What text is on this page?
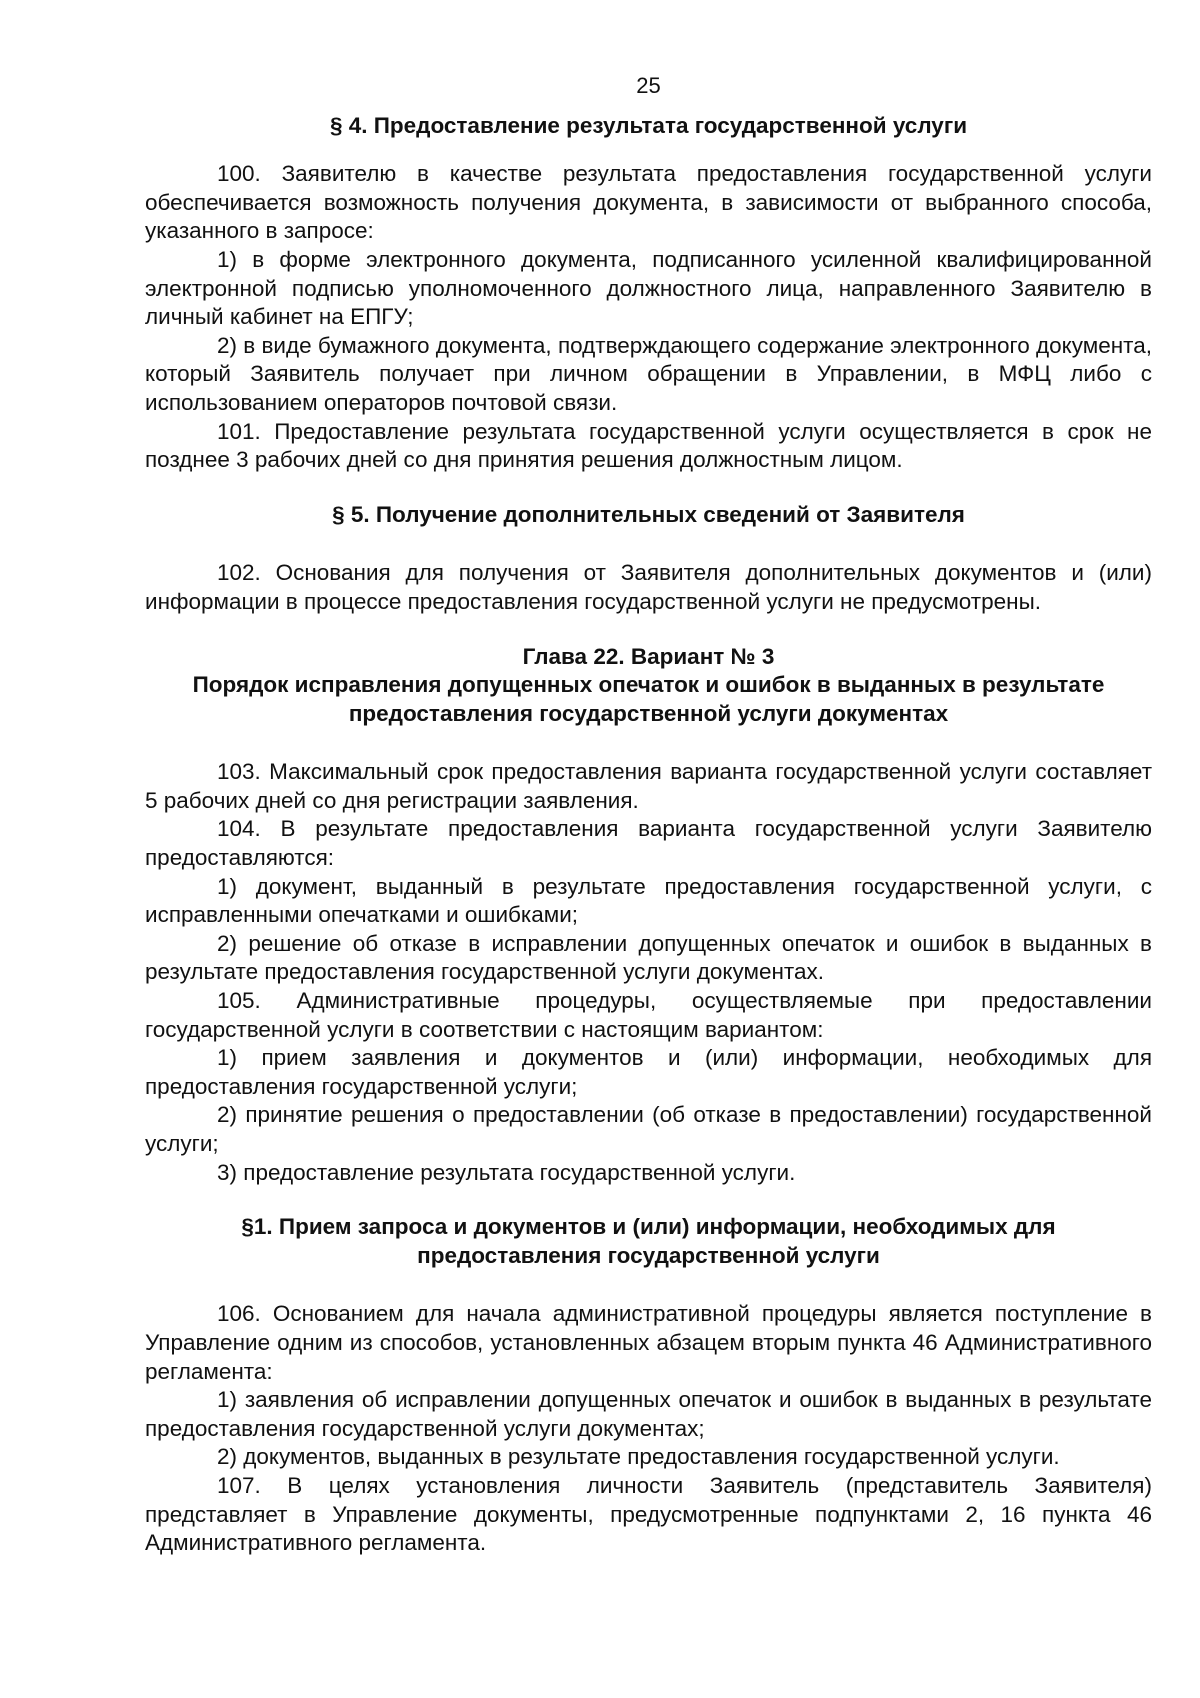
25
§ 4. Предоставление результата государственной услуги

100. Заявителю в качестве результата предоставления государственной услуги обеспечивается возможность получения документа, в зависимости от выбранного способа, указанного в запросе:

1) в форме электронного документа, подписанного усиленной квалифицированной электронной подписью уполномоченного должностного лица, направленного Заявителю в личный кабинет на ЕПГУ;

2) в виде бумажного документа, подтверждающего содержание электронного документа, который Заявитель получает при личном обращении в Управлении, в МФЦ либо с использованием операторов почтовой связи.

101. Предоставление результата государственной услуги осуществляется в срок не позднее 3 рабочих дней со дня принятия решения должностным лицом.

§ 5. Получение дополнительных сведений от Заявителя

102. Основания для получения от Заявителя дополнительных документов и (или) информации в процессе предоставления государственной услуги не предусмотрены.

Глава 22. Вариант № 3
Порядок исправления допущенных опечаток и ошибок в выданных в результате
предоставления государственной услуги документах

103. Максимальный срок предоставления варианта государственной услуги составляет 5 рабочих дней со дня регистрации заявления.

104. В результате предоставления варианта государственной услуги Заявителю предоставляются:

1) документ, выданный в результате предоставления государственной услуги, с исправленными опечатками и ошибками;

2) решение об отказе в исправлении допущенных опечаток и ошибок в выданных в результате предоставления государственной услуги документах.

105. Административные процедуры, осуществляемые при предоставлении государственной услуги в соответствии с настоящим вариантом:

1) прием заявления и документов и (или) информации, необходимых для предоставления государственной услуги;

2) принятие решения о предоставлении (об отказе в предоставлении) государственной услуги;

3) предоставление результата государственной услуги.

§1. Прием запроса и документов и (или) информации, необходимых для
предоставления государственной услуги

106. Основанием для начала административной процедуры является поступление в Управление одним из способов, установленных абзацем вторым пункта 46 Административного регламента:

1) заявления об исправлении допущенных опечаток и ошибок в выданных в результате предоставления государственной услуги документах;

2) документов, выданных в результате предоставления государственной услуги.

107. В целях установления личности Заявитель (представитель Заявителя) представляет в Управление документы, предусмотренные подпунктами 2, 16 пункта 46 Административного регламента.
